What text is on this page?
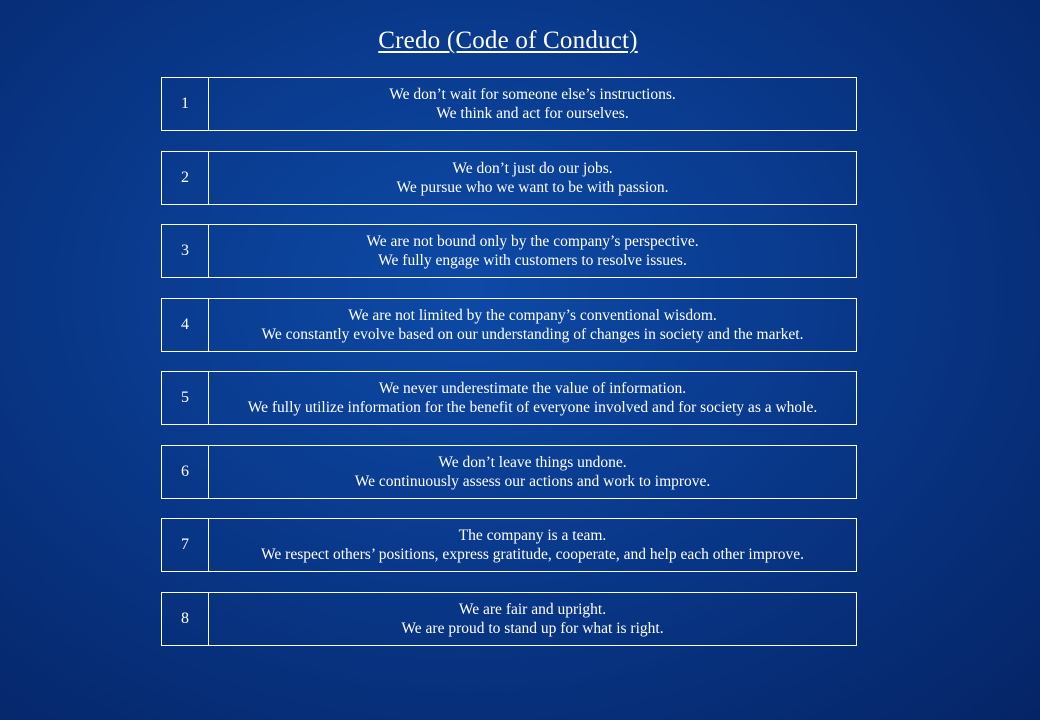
Credo (Code of Conduct)
1
We don’t wait for someone else’s instructions.
We think and act for ourselves.
2
We don’t just do our jobs.
We pursue who we want to be with passion.
3
We are not bound only by the company’s perspective.
We fully engage with customers to resolve issues.
4
We are not limited by the company’s conventional wisdom.
We constantly evolve based on our understanding of changes in society and the market.
5
We never underestimate the value of information.
We fully utilize information for the benefit of everyone involved and for society as a whole.
6
We don’t leave things undone.
We continuously assess our actions and work to improve.
7
The company is a team.
We respect others’ positions, express gratitude, cooperate, and help each other improve.
8
We are fair and upright.
We are proud to stand up for what is right.
